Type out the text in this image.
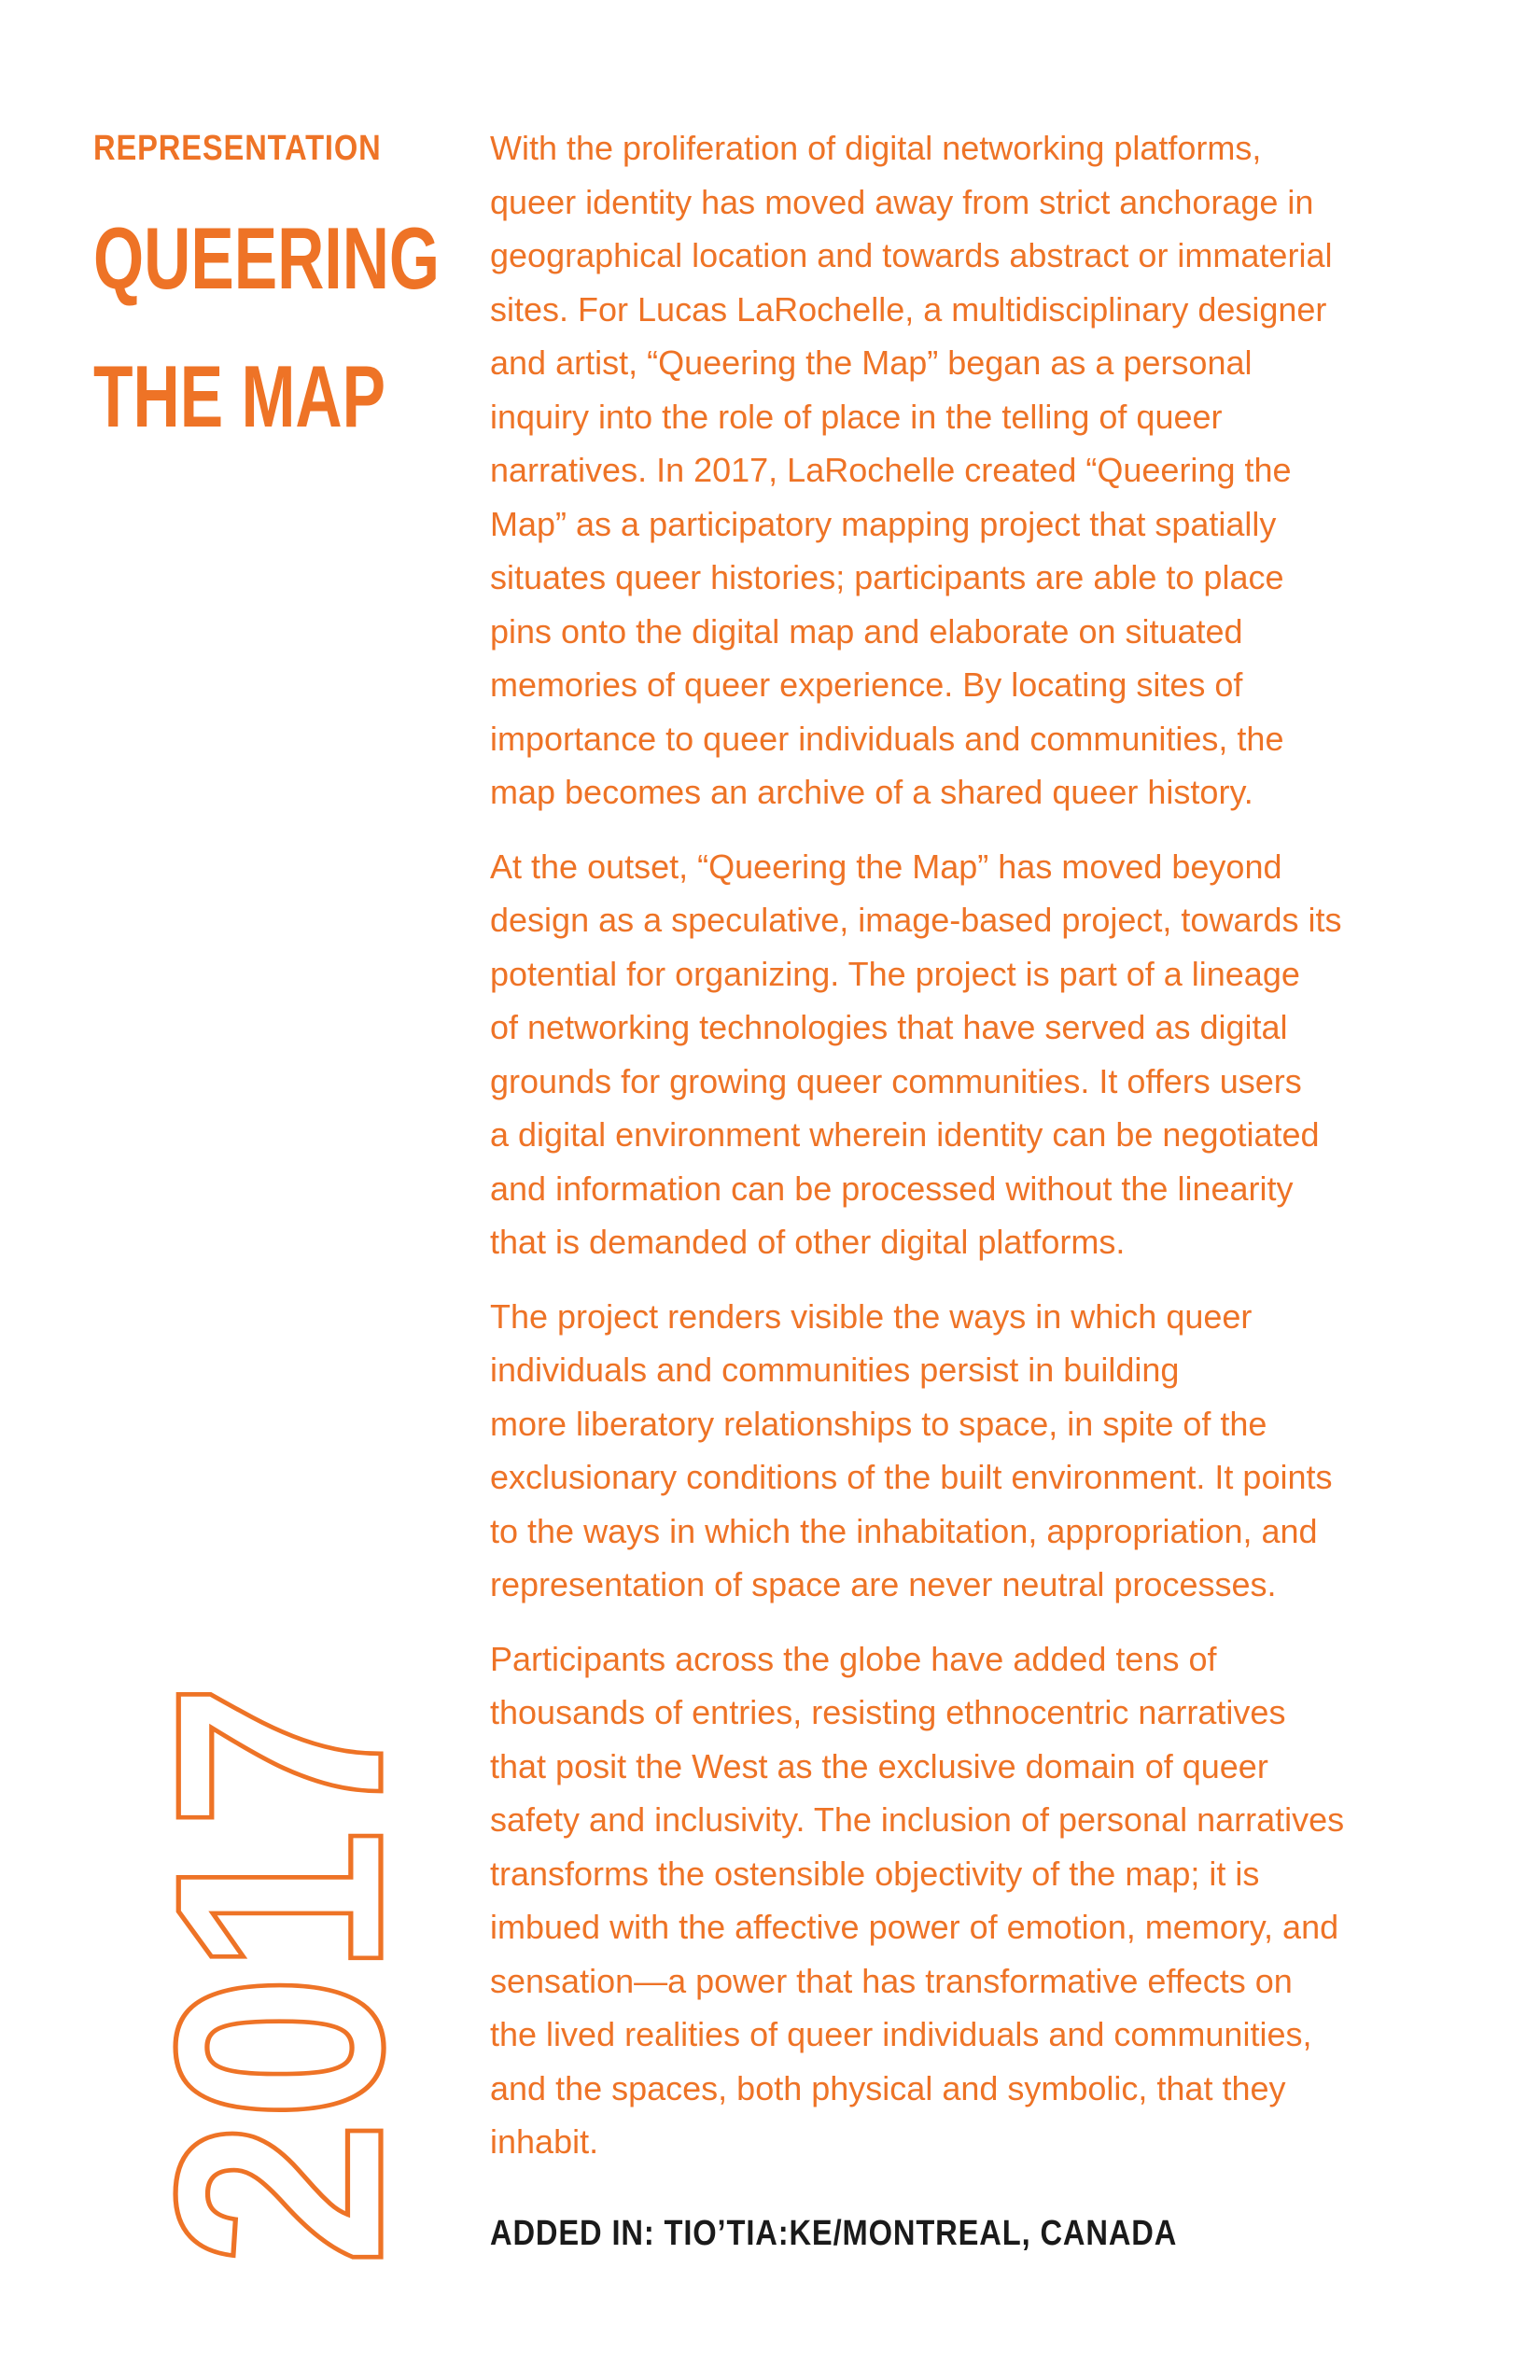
REPRESENTATION
QUEERING
THE MAP
2017

With the proliferation of digital networking platforms,
queer identity has moved away from strict anchorage in
geographical location and towards abstract or immaterial
sites. For Lucas LaRochelle, a multidisciplinary designer
and artist, “Queering the Map” began as a personal
inquiry into the role of place in the telling of queer
narratives. In 2017, LaRochelle created “Queering the
Map” as a participatory mapping project that spatially
situates queer histories; participants are able to place
pins onto the digital map and elaborate on situated
memories of queer experience. By locating sites of
importance to queer individuals and communities, the
map becomes an archive of a shared queer history.

At the outset, “Queering the Map” has moved beyond
design as a speculative, image-based project, towards its
potential for organizing. The project is part of a lineage
of networking technologies that have served as digital
grounds for growing queer communities. It offers users
a digital environment wherein identity can be negotiated
and information can be processed without the linearity
that is demanded of other digital platforms.

The project renders visible the ways in which queer
individuals and communities persist in building
more liberatory relationships to space, in spite of the
exclusionary conditions of the built environment. It points
to the ways in which the inhabitation, appropriation, and
representation of space are never neutral processes.

Participants across the globe have added tens of
thousands of entries, resisting ethnocentric narratives
that posit the West as the exclusive domain of queer
safety and inclusivity. The inclusion of personal narratives
transforms the ostensible objectivity of the map; it is
imbued with the affective power of emotion, memory, and
sensation—a power that has transformative effects on
the lived realities of queer individuals and communities,
and the spaces, both physical and symbolic, that they
inhabit.

ADDED IN: TIO’TIA:KE/MONTREAL, CANADA
